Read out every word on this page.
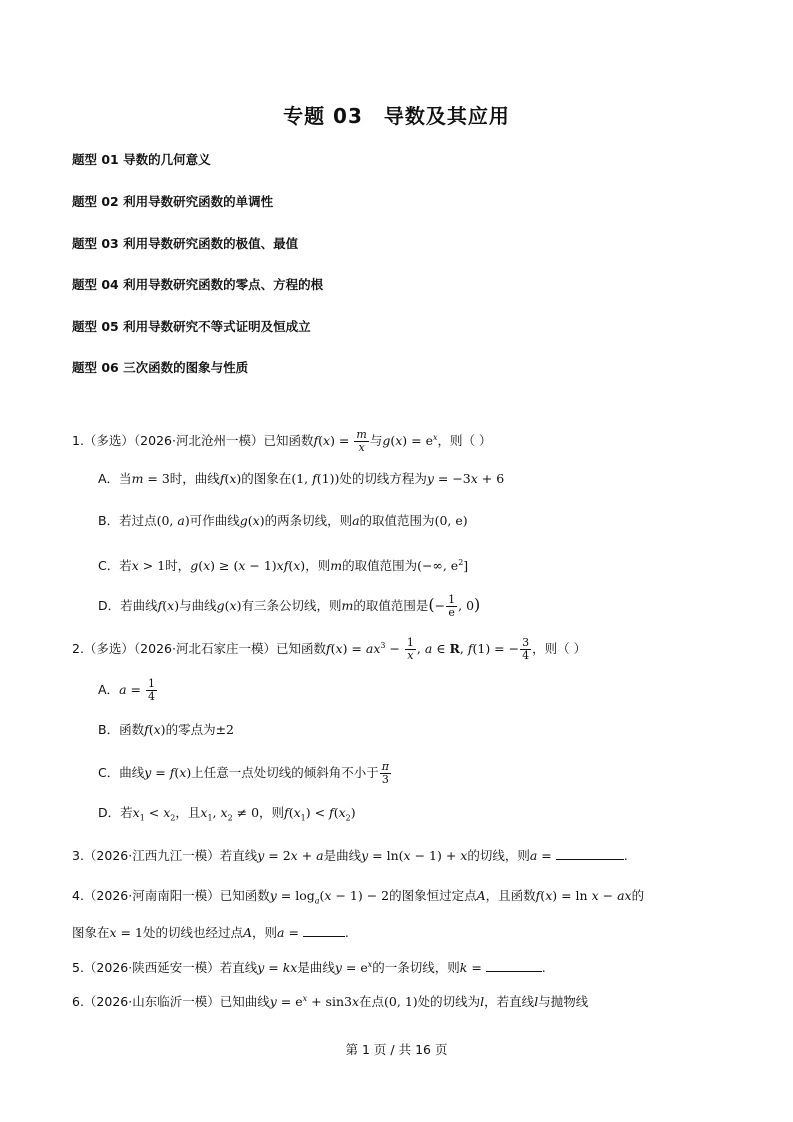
专题 03　导数及其应用
题型 01 导数的几何意义
题型 02 利用导数研究函数的单调性
题型 03 利用导数研究函数的极值、最值
题型 04 利用导数研究函数的零点、方程的根
题型 05 利用导数研究不等式证明及恒成立
题型 06 三次函数的图象与性质
1.（多选）（2026·河北沧州一模）已知函数$f(x) = \frac{m}{x}$ 与$g(x) = e^x$，则（ ）
A．当m = 3时，曲线f(x)的图象在(1, f(1))处的切线方程为y = −3x + 6
B．若过点(0, a)可作曲线g(x)的两条切线，则a的取值范围为(0, e)
C．若x > 1时，g(x) ≥ (x − 1)xf(x)，则m的取值范围为(−∞, $e^2$]
D．若曲线f(x)与曲线g(x)有三条公切线，则m的取值范围是(− $\frac{1}{e}$ , 0)
2.（多选）（2026·河北石家庄一模）已知函数$f(x) = ax^3 - \frac{1}{x}$ , a ∈ R, f(1) = − $\frac{3}{4}$ ，则（ ）
A．$a = \frac{1}{4}$
B．函数f(x)的零点为±2
C．曲线y = f(x)上任意一点处切线的倾斜角不小于 $\frac{\pi}{3}$
D．若$x_1 < x_2$，且$x_1$, $x_2 \ne 0$，则$f(x_1) < f(x_2)$
3.（2026·江西九江一模）若直线y = 2x + a是曲线y = ln(x − 1) + x的切线，则a =	.
4.（2026·河南南阳一模）已知函数$y = \log_a(x - 1) - 2$的图象恒过定点A，且函数f(x) = ln x − ax的
图象在x = 1处的切线也经过点A，则a =	.
5.（2026·陕西延安一模）若直线y = kx是曲线$y = e^x$的一条切线，则k =	.
6.（2026·山东临沂一模）已知曲线$y = e^x + \sin 3x$在点(0, 1)处的切线为l，若直线l与抛物线
第 1 页 / 共 16 页
